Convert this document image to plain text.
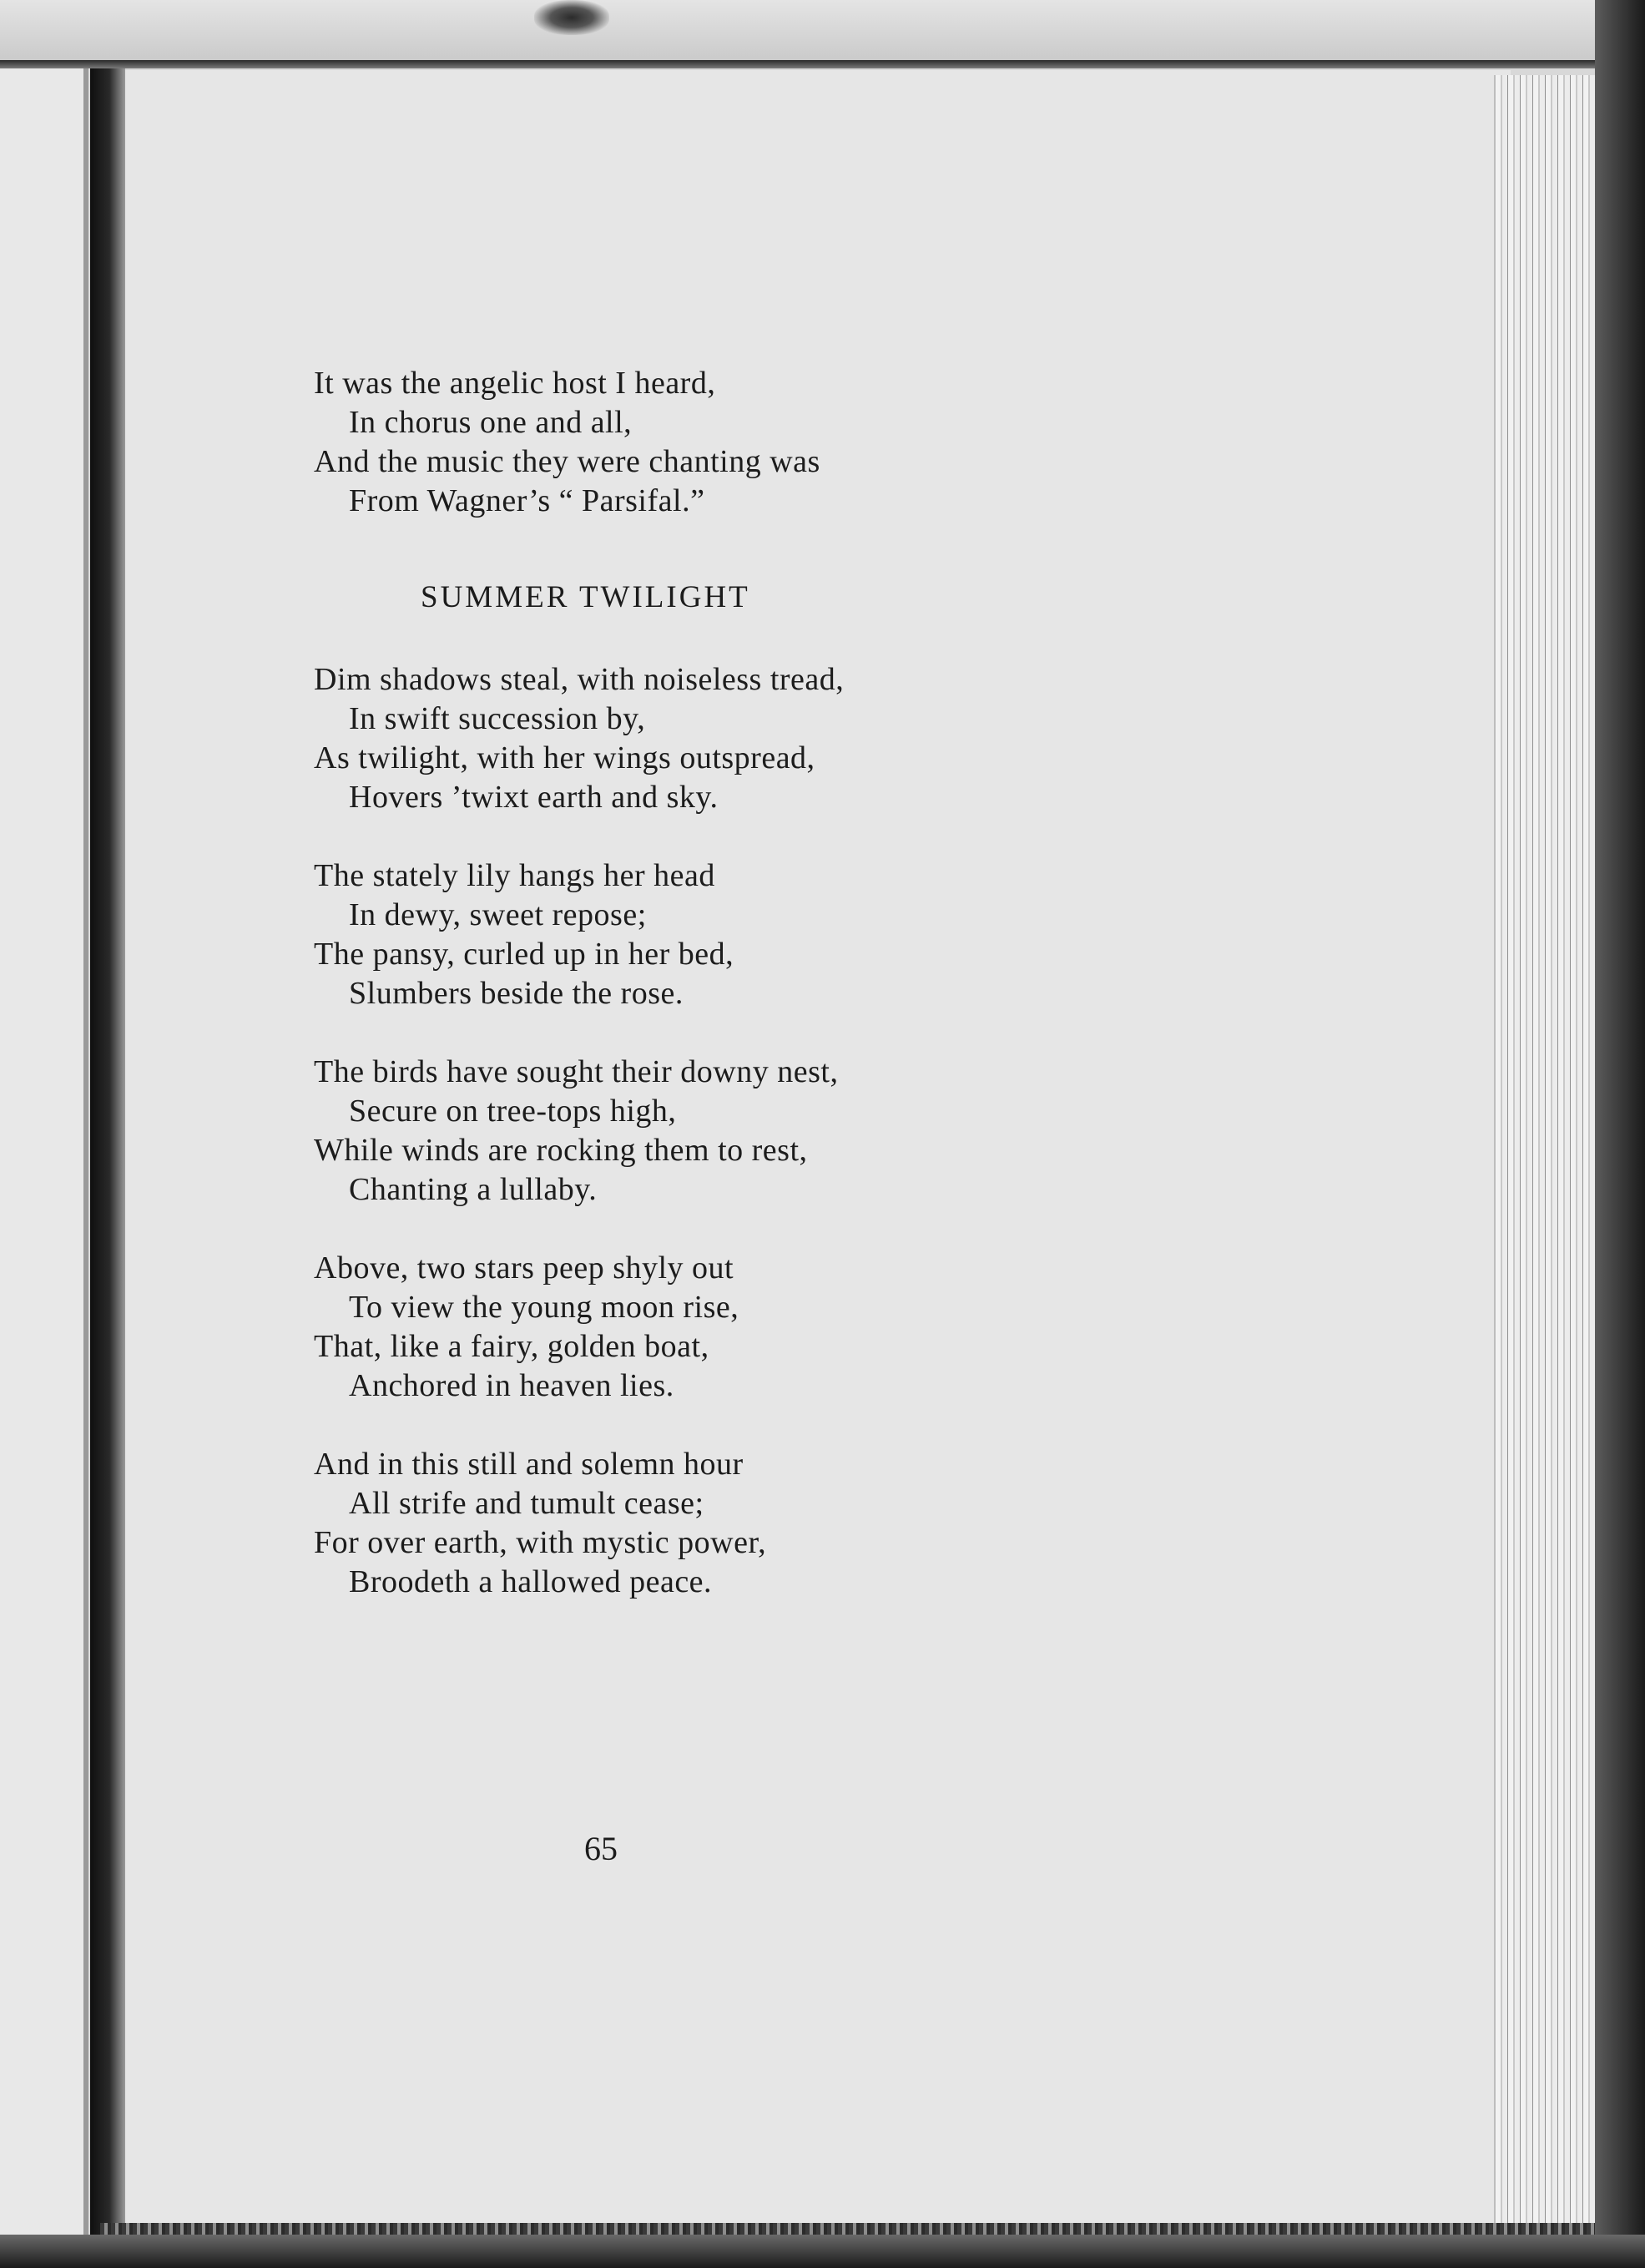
It was the angelic host I heard,
In chorus one and all,
And the music they were chanting was
From Wagner’s “ Parsifal.”
SUMMER TWILIGHT
Dim shadows steal, with noiseless tread,
In swift succession by,
As twilight, with her wings outspread,
Hovers ’twixt earth and sky.
The stately lily hangs her head
In dewy, sweet repose;
The pansy, curled up in her bed,
Slumbers beside the rose.
The birds have sought their downy nest,
Secure on tree-tops high,
While winds are rocking them to rest,
Chanting a lullaby.
Above, two stars peep shyly out
To view the young moon rise,
That, like a fairy, golden boat,
Anchored in heaven lies.
And in this still and solemn hour
All strife and tumult cease;
For over earth, with mystic power,
Broodeth a hallowed peace.
65
